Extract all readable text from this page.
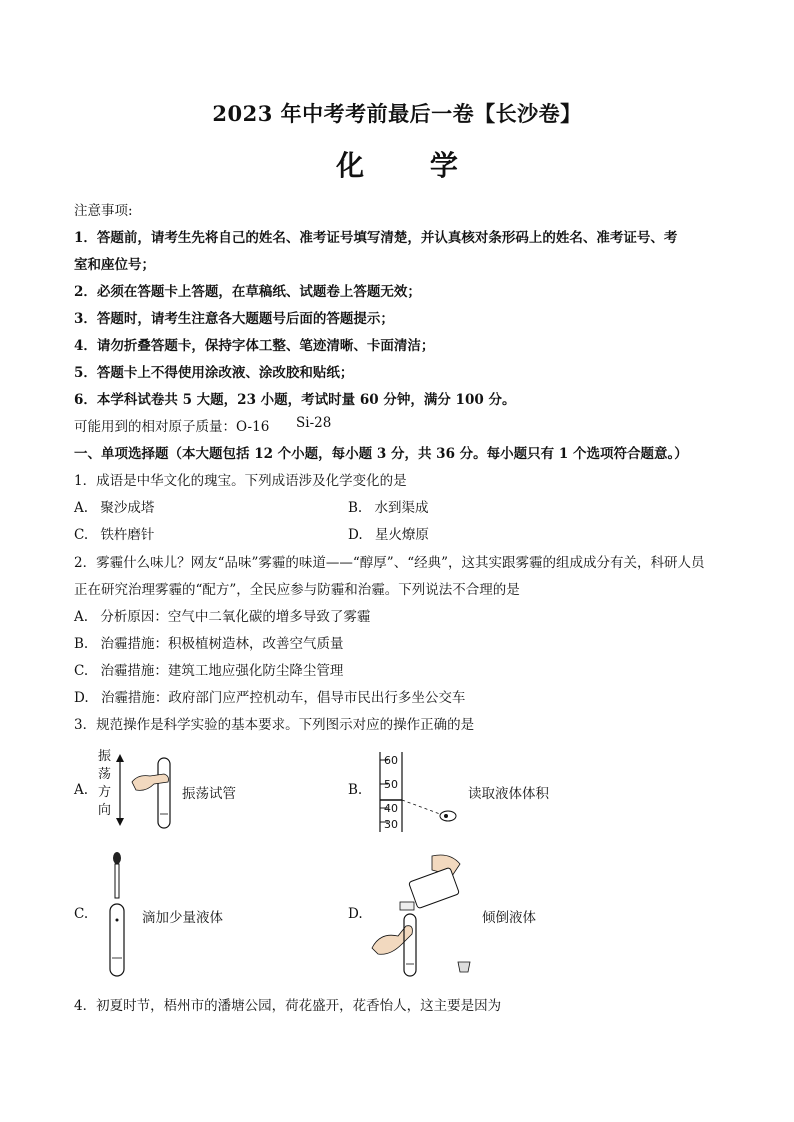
2023 年中考考前最后一卷【长沙卷】
化 学
注意事项:
1．答题前，请考生先将自己的姓名、准考证号填写清楚，并认真核对条形码上的姓名、准考证号、考
室和座位号；
2．必须在答题卡上答题，在草稿纸、试题卷上答题无效；
3．答题时，请考生注意各大题题号后面的答题提示；
4．请勿折叠答题卡，保持字体工整、笔迹清晰、卡面清洁；
5．答题卡上不得使用涂改液、涂改胶和贴纸；
6．本学科试卷共 5 大题，23 小题，考试时量 60 分钟，满分 100 分。
可能用到的相对原子质量：O-16 Si-28
一、单项选择题（本大题包括 12 个小题，每小题 3 分，共 36 分。每小题只有 1 个选项符合题意。）
1．成语是中华文化的瑰宝。下列成语涉及化学变化的是
A. 聚沙成塔	B. 水到渠成
C. 铁杵磨针	D. 星火燎原
2．雾霾什么味儿？网友“品味”雾霾的味道——“醇厚”、“经典”，这其实跟雾霾的组成成分有关，科研人员
正在研究治理雾霾的“配方”，全民应参与防霾和治霾。下列说法不合理的是
A. 分析原因：空气中二氧化碳的增多导致了雾霾
B. 治霾措施：积极植树造林，改善空气质量
C. 治霾措施：建筑工地应强化防尘降尘管理
D. 治霾措施：政府部门应严控机动车，倡导市民出行多坐公交车
3．规范操作是科学实验的基本要求。下列图示对应的操作正确的是
A.
振
荡
方
向
振荡试管	B.
60
50
40
30
读取液体体积
C.	滴加少量液体	D.	倾倒液体
4．初夏时节，梧州市的潘塘公园，荷花盛开，花香怡人，这主要是因为
